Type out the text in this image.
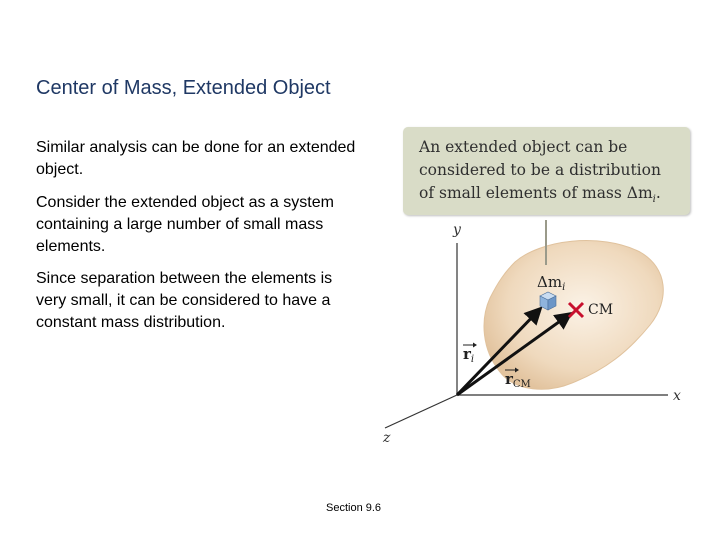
Center of Mass, Extended Object
Similar analysis can be done for an extended object.
Consider the extended object as a system containing a large number of small mass elements.
Since separation between the elements is very small, it can be considered to have a constant mass distribution.
y
x
z
$\Delta m_i$
CM
$r_i$
$r_{CM}$
An extended object can be
considered to be a distribution
of small elements of mass $\Delta m_i$.
Section 9.6
